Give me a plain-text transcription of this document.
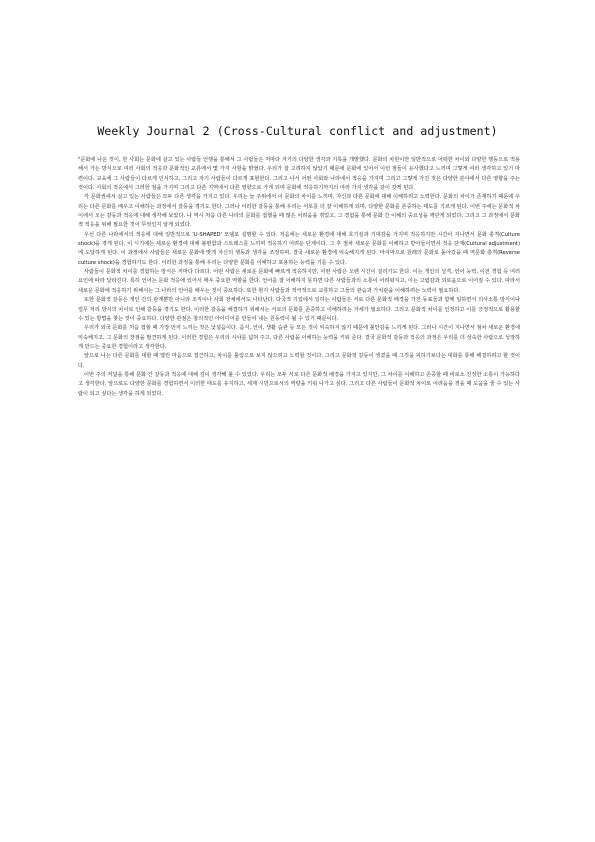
Weekly Journal 2 (Cross-Cultural conflict and adjustment)

"문화에 나온 것이, 한 사회는 문화에 살고 있는 사람들 언행을 통해서 그 사람들은 저마다 자기의 다양한 생각과 기록을 개발했다. 문화의 차원이란 일반적으로 어떠한 차이와 다양한 행동으로 적용해서 가는 방식으로 여러 사회의 적응과 문화적인 교류에서 몇 가지 사항을 밝혔다. 우리가 잘 고려하지 않았기 때문에 문화에 있어서 이런 점들이 유사했다고 느끼며 그렇게 여러 생각하고 있기 마련이다. 교육에 그 사람들이 다르게 인식하고, 그리고 자기 사람들이 다르게 표현한다. 그리고 나서 어떤 사회와 나라에서 적응을 가지며 그리고 그렇게 가진 것은 다양한 분야에서 다른 영향을 주는 것이다. 사회의 적응에서 그러한 점을 가지며 그리고 다른 지역에서 다른 영향으로 가게 되며 문화에 적응하기까지의 여러 가지 생각을 같이 갖게 된다.

각 문화권에서 살고 있는 사람들은 모두 다른 생각을 가지고 있다. 우리는 늘 주위에서 이 문화의 차이를 느끼며, 자신과 다른 문화에 대해 이해하려고 노력한다. 문화의 차이가 존재하기 때문에 우리는 다른 문화를 배우고 이해하는 과정에서 갈등을 겪기도 한다. 그러나 이러한 갈등을 통해 우리는 서로를 더 잘 이해하게 되며, 다양한 문화를 존중하는 태도를 기르게 된다. 이번 주에는 문화적 차이에서 오는 갈등과 적응에 대해 생각해 보았다. 나 역시 처음 다른 나라의 문화를 접했을 때 많은 어려움을 겪었고, 그 경험을 통해 문화 간 이해의 중요성을 깨닫게 되었다. 그리고 그 과정에서 문화적 적응을 위해 필요한 것이 무엇인지 알게 되었다.

우선 다른 나라에서의 적응에 대해 일반적으로 'U-SHAPED' 모델로 설명할 수 있다. 처음에는 새로운 환경에 대해 호기심과 기대감을 가지며 적응하지만 시간이 지나면서 문화 충격(Culture shock)을 겪게 된다. 이 시기에는 새로운 환경에 대해 불편함과 스트레스를 느끼며 적응하기 어려운 단계이다. 그 후 점차 새로운 문화를 이해하고 받아들이면서 적응 단계(Cultural adjustment)에 도달하게 된다. 이 과정에서 사람들은 새로운 문화에 맞게 자신의 행동과 생각을 조정하며, 결국 새로운 환경에 익숙해지게 된다. 마지막으로 원래의 문화로 돌아갔을 때 역문화 충격(Reverse culture shock)을 경험하기도 한다. 이러한 과정을 통해 우리는 다양한 문화를 이해하고 포용하는 능력을 기를 수 있다.

사람들이 문화적 차이를 경험하는 방식은 저마다 다르다. 어떤 사람은 새로운 문화에 빠르게 적응하지만, 어떤 사람은 오랜 시간이 걸리기도 한다. 이는 개인의 성격, 언어 능력, 이전 경험 등 여러 요인에 따라 달라진다. 특히 언어는 문화 적응에 있어서 매우 중요한 역할을 한다. 언어를 잘 이해하지 못하면 다른 사람들과의 소통이 어려워지고, 이는 고립감과 외로움으로 이어질 수 있다. 따라서 새로운 문화에 적응하기 위해서는 그 나라의 언어를 배우는 것이 중요하다. 또한 현지 사람들과 적극적으로 교류하고 그들의 관습과 가치관을 이해하려는 노력이 필요하다.

또한 문화적 갈등은 개인 간의 관계뿐만 아니라 조직이나 사회 전체에서도 나타난다. 다국적 기업에서 일하는 사람들은 서로 다른 문화적 배경을 가진 동료들과 함께 일하면서 의사소통 방식이나 업무 처리 방식의 차이로 인해 갈등을 겪기도 한다. 이러한 갈등을 해결하기 위해서는 서로의 문화를 존중하고 이해하려는 자세가 필요하다. 그리고 문화적 차이를 인정하고 이를 긍정적으로 활용할 수 있는 방법을 찾는 것이 중요하다. 다양한 관점은 창의적인 아이디어를 만들어 내는 원동력이 될 수 있기 때문이다.

우리가 외국 문화를 처음 접할 때 가장 먼저 느끼는 것은 낯설음이다. 음식, 언어, 생활 습관 등 모든 것이 익숙하지 않기 때문에 불안감을 느끼게 된다. 그러나 시간이 지나면서 점차 새로운 환경에 익숙해지고, 그 문화의 장점을 발견하게 된다. 이러한 경험은 우리의 시야를 넓혀 주고, 다른 사람을 이해하는 능력을 키워 준다. 결국 문화적 갈등과 적응의 과정은 우리를 더 성숙한 사람으로 성장하게 만드는 중요한 경험이라고 생각한다.

앞으로 나는 다른 문화를 대할 때 열린 마음으로 접근하고, 차이를 틀림으로 보지 않으려고 노력할 것이다. 그리고 문화적 갈등이 생겼을 때 그것을 피하기보다는 대화를 통해 해결하려고 할 것이다.

이번 주의 저널을 통해 문화 간 갈등과 적응에 대해 깊이 생각해 볼 수 있었다. 우리는 모두 서로 다른 문화적 배경을 가지고 있지만, 그 차이를 이해하고 존중할 때 비로소 진정한 소통이 가능하다고 생각한다. 앞으로도 다양한 문화를 경험하면서 이러한 태도를 유지하고, 세계 시민으로서의 역량을 키워 나가고 싶다. 그리고 다른 사람들이 문화적 차이로 어려움을 겪을 때 도움을 줄 수 있는 사람이 되고 싶다는 생각을 하게 되었다.
